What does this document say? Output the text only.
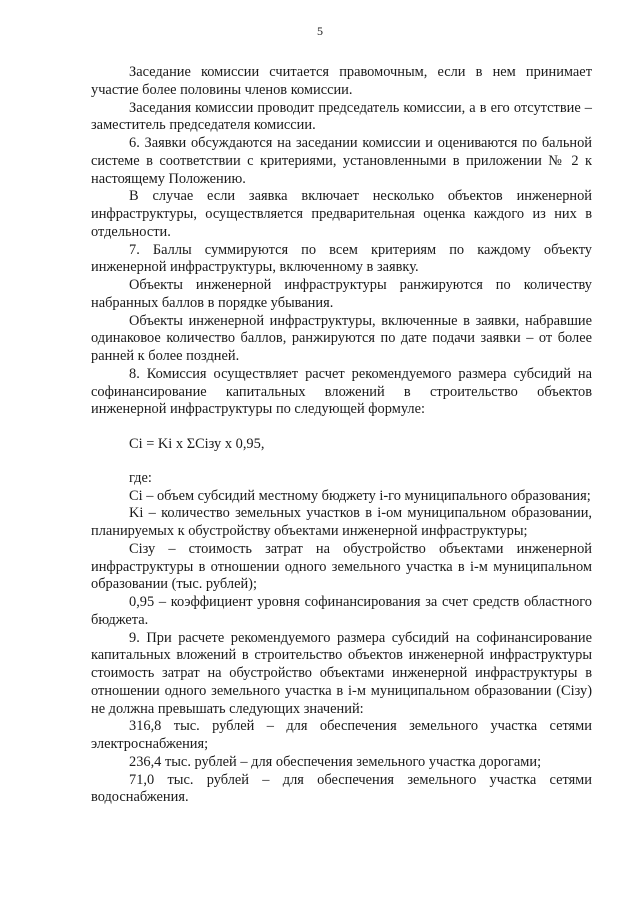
5

Заседание комиссии считается правомочным, если в нем принимает участие более половины членов комиссии.

Заседания комиссии проводит председатель комиссии, а в его отсутствие – заместитель председателя комиссии.

6. Заявки обсуждаются на заседании комиссии и оцениваются по бальной системе в соответствии с критериями, установленными в приложении № 2 к настоящему Положению.

В случае если заявка включает несколько объектов инженерной инфраструктуры, осуществляется предварительная оценка каждого из них в отдельности.

7. Баллы суммируются по всем критериям по каждому объекту инженерной инфраструктуры, включенному в заявку.

Объекты инженерной инфраструктуры ранжируются по количеству набранных баллов в порядке убывания.

Объекты инженерной инфраструктуры, включенные в заявки, набравшие одинаковое количество баллов, ранжируются по дате подачи заявки – от более ранней к более поздней.

8. Комиссия осуществляет расчет рекомендуемого размера субсидий на софинансирование капитальных вложений в строительство объектов инженерной инфраструктуры по следующей формуле:

Ci = Ki x ΣCiзу x 0,95,

где:

Ci – объем субсидий местному бюджету i-го муниципального образования;

Ki – количество земельных участков в i-ом муниципальном образовании, планируемых к обустройству объектами инженерной инфраструктуры;

Ciзу – стоимость затрат на обустройство объектами инженерной инфраструктуры в отношении одного земельного участка в i-м муниципальном образовании (тыс. рублей);

0,95 – коэффициент уровня софинансирования за счет средств областного бюджета.

9. При расчете рекомендуемого размера субсидий на софинансирование капитальных вложений в строительство объектов инженерной инфраструктуры стоимость затрат на обустройство объектами инженерной инфраструктуры в отношении одного земельного участка в i-м муниципальном образовании (Ciзу) не должна превышать следующих значений:

316,8 тыс. рублей – для обеспечения земельного участка сетями электроснабжения;

236,4 тыс. рублей – для обеспечения земельного участка дорогами;

71,0 тыс. рублей – для обеспечения земельного участка сетями водоснабжения.
